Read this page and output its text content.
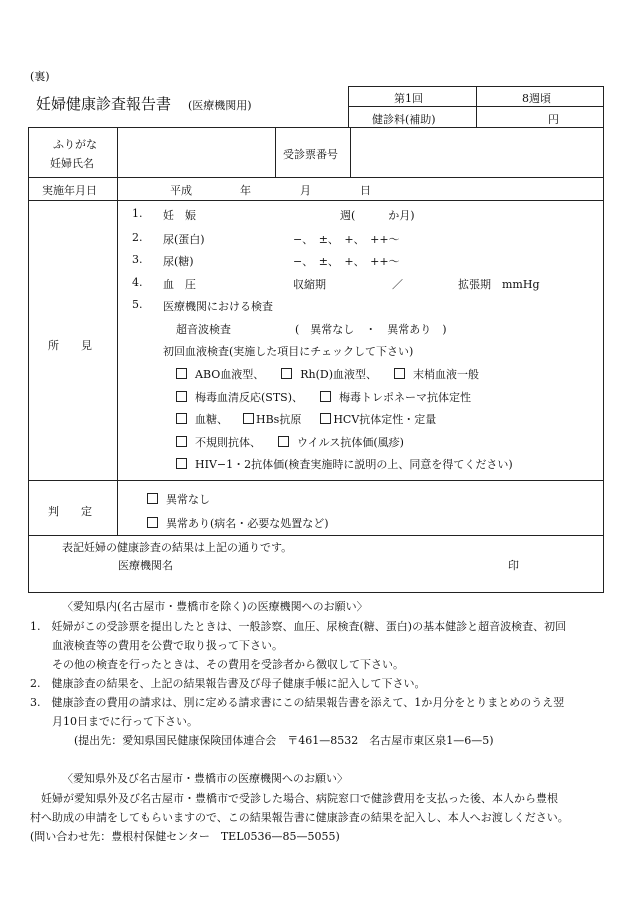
(裏)
妊婦健康診査報告書 (医療機関用)
第1回	8週頃
健診料(補助)	円
ふりがな
妊婦氏名
受診票番号
実施年月日	平成	年	月	日
所　　見
1. 妊　娠	週(　　　か月)
2. 尿(蛋白)	−、　±、　+、　++〜
3. 尿(糖)	−、　±、　+、　++〜
4. 血　圧	収縮期	／	拡張期　mmHg
5. 医療機関における検査
超音波検査	(　異常なし　・　異常あり　)
初回血液検査(実施した項目にチェックして下さい)
ABO血液型、	Rh(D)血液型、	末梢血液一般
梅毒血清反応(STS)、	梅毒トレポネーマ抗体定性
血糖、	HBs抗原	HCV抗体定性・定量
不規則抗体、	ウイルス抗体価(風疹)
HIV−1・2抗体価(検査実施時に説明の上、同意を得てください)
判　　定
異常なし
異常あり(病名・必要な処置など)
表記妊婦の健康診査の結果は上記の通りです。
医療機関名	印
〈愛知県内(名古屋市・豊橋市を除く)の医療機関へのお願い〉
1.　妊婦がこの受診票を提出したときは、一般診察、血圧、尿検査(糖、蛋白)の基本健診と超音波検査、初回
　　血液検査等の費用を公費で取り扱って下さい。
　　その他の検査を行ったときは、その費用を受診者から徴収して下さい。
2.　健康診査の結果を、上記の結果報告書及び母子健康手帳に記入して下さい。
3.　健康診査の費用の請求は、別に定める請求書にこの結果報告書を添えて、1か月分をとりまとめのうえ翌
　　月10日までに行って下さい。
　　　　(提出先：愛知県国民健康保険団体連合会　〒461—8532　名古屋市東区泉1—6—5)
〈愛知県外及び名古屋市・豊橋市の医療機関へのお願い〉
　妊婦が愛知県外及び名古屋市・豊橋市で受診した場合、病院窓口で健診費用を支払った後、本人から豊根
村へ助成の申請をしてもらいますので、この結果報告書に健康診査の結果を記入し、本人へお渡しください。
(問い合わせ先：豊根村保健センター　TEL0536—85—5055)
